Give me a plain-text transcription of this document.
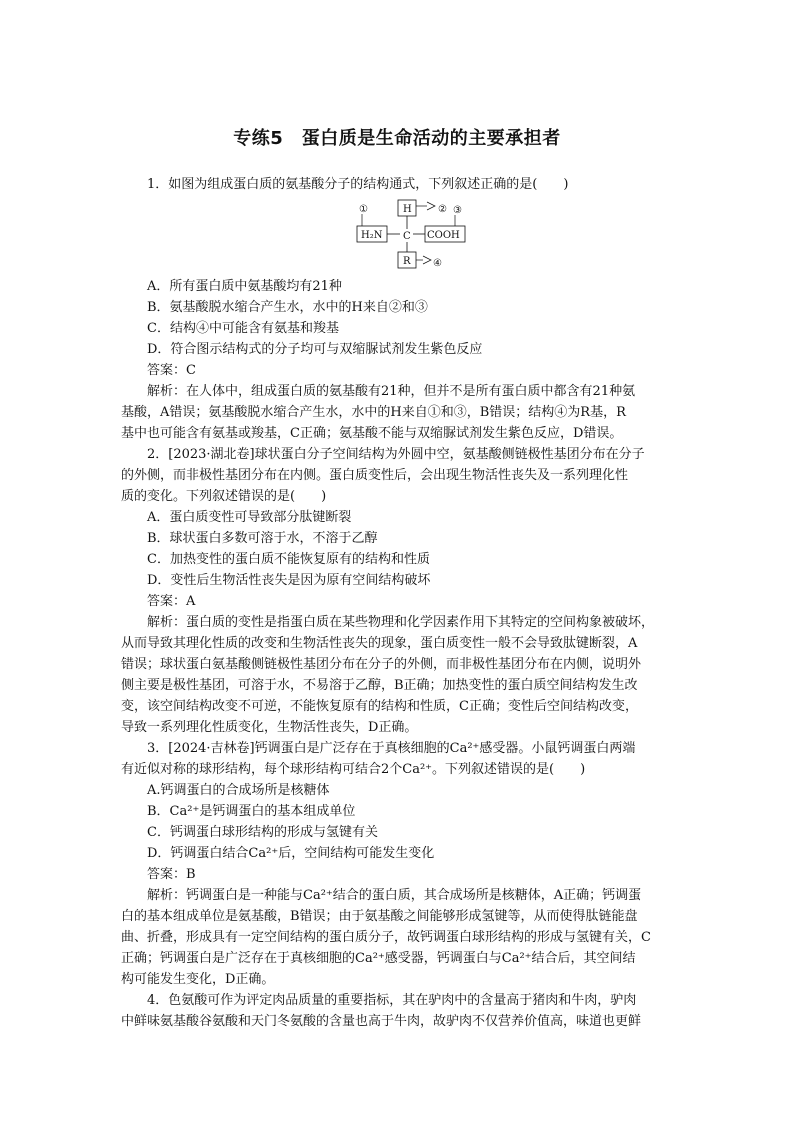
专练5　蛋白质是生命活动的主要承担者
1．如图为组成蛋白质的氨基酸分子的结构通式，下列叙述正确的是(　　)
①	② ③
④
H
H₂N C COOH
R
A．所有蛋白质中氨基酸均有21种
B．氨基酸脱水缩合产生水，水中的H来自②和③
C．结构④中可能含有氨基和羧基
D．符合图示结构式的分子均可与双缩脲试剂发生紫色反应
答案：C
解析：在人体中，组成蛋白质的氨基酸有21种，但并不是所有蛋白质中都含有21种氨
基酸，A错误；氨基酸脱水缩合产生水，水中的H来自①和③，B错误；结构④为R基，R
基中也可能含有氨基或羧基，C正确；氨基酸不能与双缩脲试剂发生紫色反应，D错误。
2．[2023·湖北卷]球状蛋白分子空间结构为外圆中空，氨基酸侧链极性基团分布在分子
的外侧，而非极性基团分布在内侧。蛋白质变性后，会出现生物活性丧失及一系列理化性
质的变化。下列叙述错误的是(　　)
A．蛋白质变性可导致部分肽键断裂
B．球状蛋白多数可溶于水，不溶于乙醇
C．加热变性的蛋白质不能恢复原有的结构和性质
D．变性后生物活性丧失是因为原有空间结构破坏
答案：A
解析：蛋白质的变性是指蛋白质在某些物理和化学因素作用下其特定的空间构象被破坏，
从而导致其理化性质的改变和生物活性丧失的现象，蛋白质变性一般不会导致肽键断裂，A
错误；球状蛋白氨基酸侧链极性基团分布在分子的外侧，而非极性基团分布在内侧，说明外
侧主要是极性基团，可溶于水，不易溶于乙醇，B正确；加热变性的蛋白质空间结构发生改
变，该空间结构改变不可逆，不能恢复原有的结构和性质，C正确；变性后空间结构改变，
导致一系列理化性质变化，生物活性丧失，D正确。
3．[2024·吉林卷]钙调蛋白是广泛存在于真核细胞的Ca²⁺感受器。小鼠钙调蛋白两端
有近似对称的球形结构，每个球形结构可结合2个Ca²⁺。下列叙述错误的是(　　)
A.钙调蛋白的合成场所是核糖体
B．Ca²⁺是钙调蛋白的基本组成单位
C．钙调蛋白球形结构的形成与氢键有关
D．钙调蛋白结合Ca²⁺后，空间结构可能发生变化
答案：B
解析：钙调蛋白是一种能与Ca²⁺结合的蛋白质，其合成场所是核糖体，A正确；钙调蛋
白的基本组成单位是氨基酸，B错误；由于氨基酸之间能够形成氢键等，从而使得肽链能盘
曲、折叠，形成具有一定空间结构的蛋白质分子，故钙调蛋白球形结构的形成与氢键有关，C
正确；钙调蛋白是广泛存在于真核细胞的Ca²⁺感受器，钙调蛋白与Ca²⁺结合后，其空间结
构可能发生变化，D正确。
4．色氨酸可作为评定肉品质量的重要指标，其在驴肉中的含量高于猪肉和牛肉，驴肉
中鲜味氨基酸谷氨酸和天门冬氨酸的含量也高于牛肉，故驴肉不仅营养价值高，味道也更鲜
